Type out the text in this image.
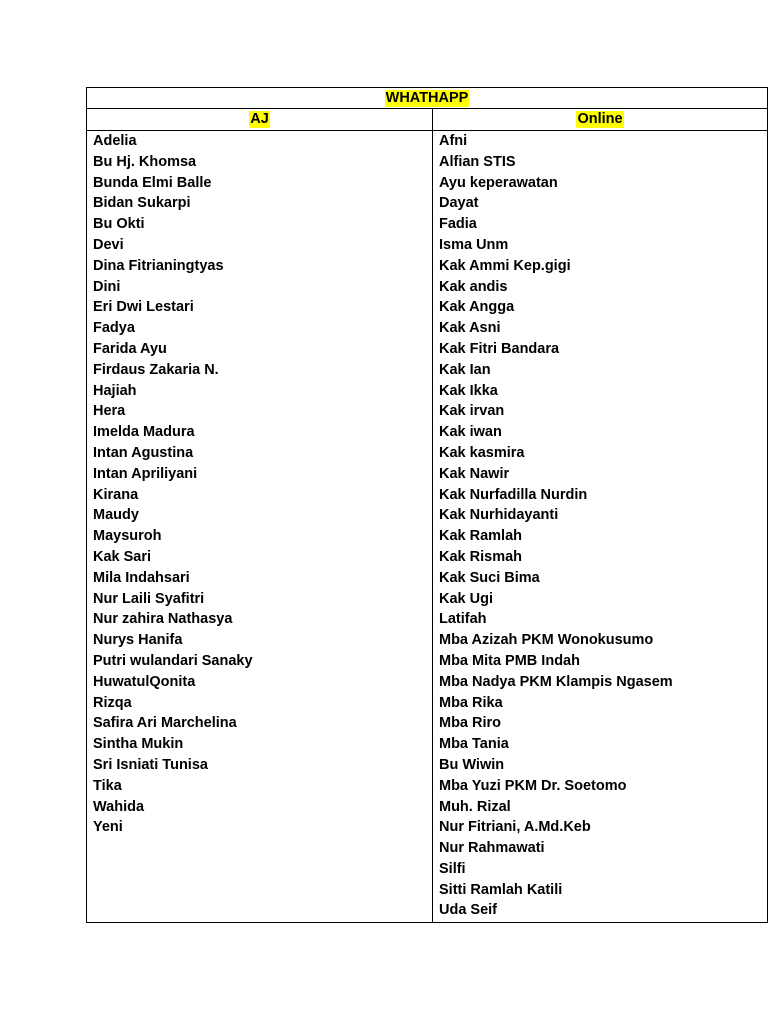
WHATHAPP
AJ	Online
Adelia
Bu Hj. Khomsa
Bunda Elmi Balle
Bidan Sukarpi
Bu Okti
Devi
Dina Fitrianingtyas
Dini
Eri Dwi Lestari
Fadya
Farida Ayu
Firdaus Zakaria N.
Hajiah
Hera
Imelda Madura
Intan Agustina
Intan Apriliyani
Kirana
Maudy
Maysuroh
Kak Sari
Mila Indahsari
Nur Laili Syafitri
Nur zahira Nathasya
Nurys Hanifa
Putri wulandari Sanaky
HuwatulQonita
Rizqa
Safira Ari Marchelina
Sintha Mukin
Sri Isniati Tunisa
Tika
Wahida
Yeni
Afni
Alfian STIS
Ayu keperawatan
Dayat
Fadia
Isma Unm
Kak Ammi Kep.gigi
Kak andis
Kak Angga
Kak Asni
Kak Fitri Bandara
Kak Ian
Kak Ikka
Kak irvan
Kak iwan
Kak kasmira
Kak Nawir
Kak Nurfadilla Nurdin
Kak Nurhidayanti
Kak Ramlah
Kak Rismah
Kak Suci Bima
Kak Ugi
Latifah
Mba Azizah PKM Wonokusumo
Mba Mita PMB Indah
Mba Nadya PKM Klampis Ngasem
Mba Rika
Mba Riro
Mba Tania
Bu Wiwin
Mba Yuzi PKM Dr. Soetomo
Muh. Rizal
Nur Fitriani, A.Md.Keb
Nur Rahmawati
Silfi
Sitti Ramlah Katili
Uda Seif
